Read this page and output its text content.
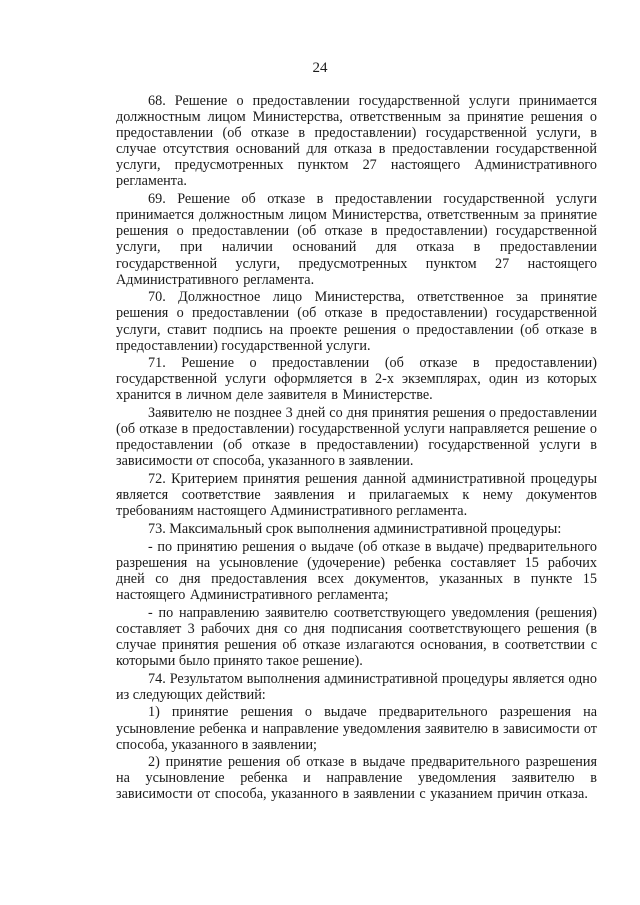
24

68. Решение о предоставлении государственной услуги принимается должностным лицом Министерства, ответственным за принятие решения о предоставлении (об отказе в предоставлении) государственной услуги, в случае отсутствия оснований для отказа в предоставлении государственной услуги, предусмотренных пунктом 27 настоящего Административного регламента.

69. Решение об отказе в предоставлении государственной услуги принимается должностным лицом Министерства, ответственным за принятие решения о предоставлении (об отказе в предоставлении) государственной услуги, при наличии оснований для отказа в предоставлении государственной услуги, предусмотренных пунктом 27 настоящего Административного регламента.

70. Должностное лицо Министерства, ответственное за принятие решения о предоставлении (об отказе в предоставлении) государственной услуги, ставит подпись на проекте решения о предоставлении (об отказе в предоставлении) государственной услуги.

71. Решение о предоставлении (об отказе в предоставлении) государственной услуги оформляется в 2-х экземплярах, один из которых хранится в личном деле заявителя в Министерстве.

Заявителю не позднее 3 дней со дня принятия решения о предоставлении (об отказе в предоставлении) государственной услуги направляется решение о предоставлении (об отказе в предоставлении) государственной услуги в зависимости от способа, указанного в заявлении.

72. Критерием принятия решения данной административной процедуры является соответствие заявления и прилагаемых к нему документов требованиям настоящего Административного регламента.

73. Максимальный срок выполнения административной процедуры:

- по принятию решения о выдаче (об отказе в выдаче) предварительного разрешения на усыновление (удочерение) ребенка составляет 15 рабочих дней со дня предоставления всех документов, указанных в пункте 15 настоящего Административного регламента;

- по направлению заявителю соответствующего уведомления (решения) составляет 3 рабочих дня со дня подписания соответствующего решения (в случае принятия решения об отказе излагаются основания, в соответствии с которыми было принято такое решение).

74. Результатом выполнения административной процедуры является одно из следующих действий:

1) принятие решения о выдаче предварительного разрешения на усыновление ребенка и направление уведомления заявителю в зависимости от способа, указанного в заявлении;

2) принятие решения об отказе в выдаче предварительного разрешения на усыновление ребенка и направление уведомления заявителю в зависимости от способа, указанного в заявлении с указанием причин отказа.
